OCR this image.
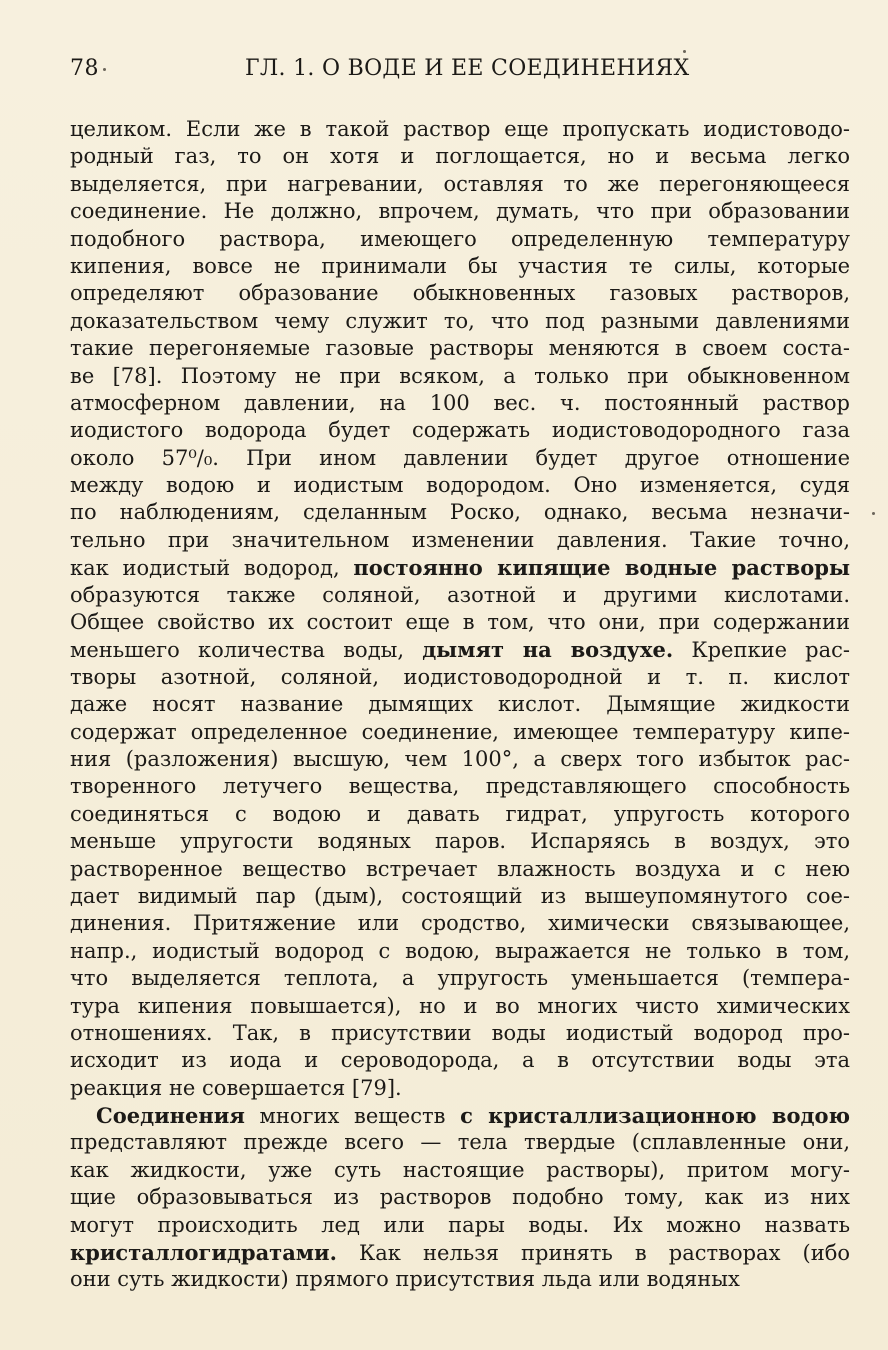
78	ГЛ. 1. О ВОДЕ И ЕЕ СОЕДИНЕНИЯХ
целиком. Если же в такой раствор еще пропускать иодистоводо-
родный газ, то он хотя и поглощается, но и весьма легко
выделяется, при нагревании, оставляя то же перегоняющееся
соединение. Не должно, впрочем, думать, что при образовании
подобного раствора, имеющего определенную температуру
кипения, вовсе не принимали бы участия те силы, которые
определяют образование обыкновенных газовых растворов,
доказательством чему служит то, что под разными давлениями
такие перегоняемые газовые растворы меняются в своем соста-
ве [78]. Поэтому не при всяком, а только при обыкновенном
атмосферном давлении, на 100 вес. ч. постоянный раствор
иодистого водорода будет содержать иодистоводородного газа
около 57⁰/₀. При ином давлении будет другое отношение
между водою и иодистым водородом. Оно изменяется, судя
по наблюдениям, сделанным Роско, однако, весьма незначи-
тельно при значительном изменении давления. Такие точно,
как иодистый водород, постоянно кипящие водные растворы
образуются также соляной, азотной и другими кислотами.
Общее свойство их состоит еще в том, что они, при содержании
меньшего количества воды, дымят на воздухе. Крепкие рас-
творы азотной, соляной, иодистоводородной и т. п. кислот
даже носят название дымящих кислот. Дымящие жидкости
содержат определенное соединение, имеющее температуру кипе-
ния (разложения) высшую, чем 100°, а сверх того избыток рас-
творенного летучего вещества, представляющего способность
соединяться с водою и давать гидрат, упругость которого
меньше упругости водяных паров. Испаряясь в воздух, это
растворенное вещество встречает влажность воздуха и с нею
дает видимый пар (дым), состоящий из вышеупомянутого сое-
динения. Притяжение или сродство, химически связывающее,
напр., иодистый водород с водою, выражается не только в том,
что выделяется теплота, а упругость уменьшается (темпера-
тура кипения повышается), но и во многих чисто химических
отношениях. Так, в присутствии воды иодистый водород про-
исходит из иода и сероводорода, а в отсутствии воды эта
реакция не совершается [79].
Соединения многих веществ с кристаллизационною водою
представляют прежде всего — тела твердые (сплавленные они,
как жидкости, уже суть настоящие растворы), притом могу-
щие образовываться из растворов подобно тому, как из них
могут происходить лед или пары воды. Их можно назвать
кристаллогидратами. Как нельзя принять в растворах (ибо
они суть жидкости) прямого присутствия льда или водяных
